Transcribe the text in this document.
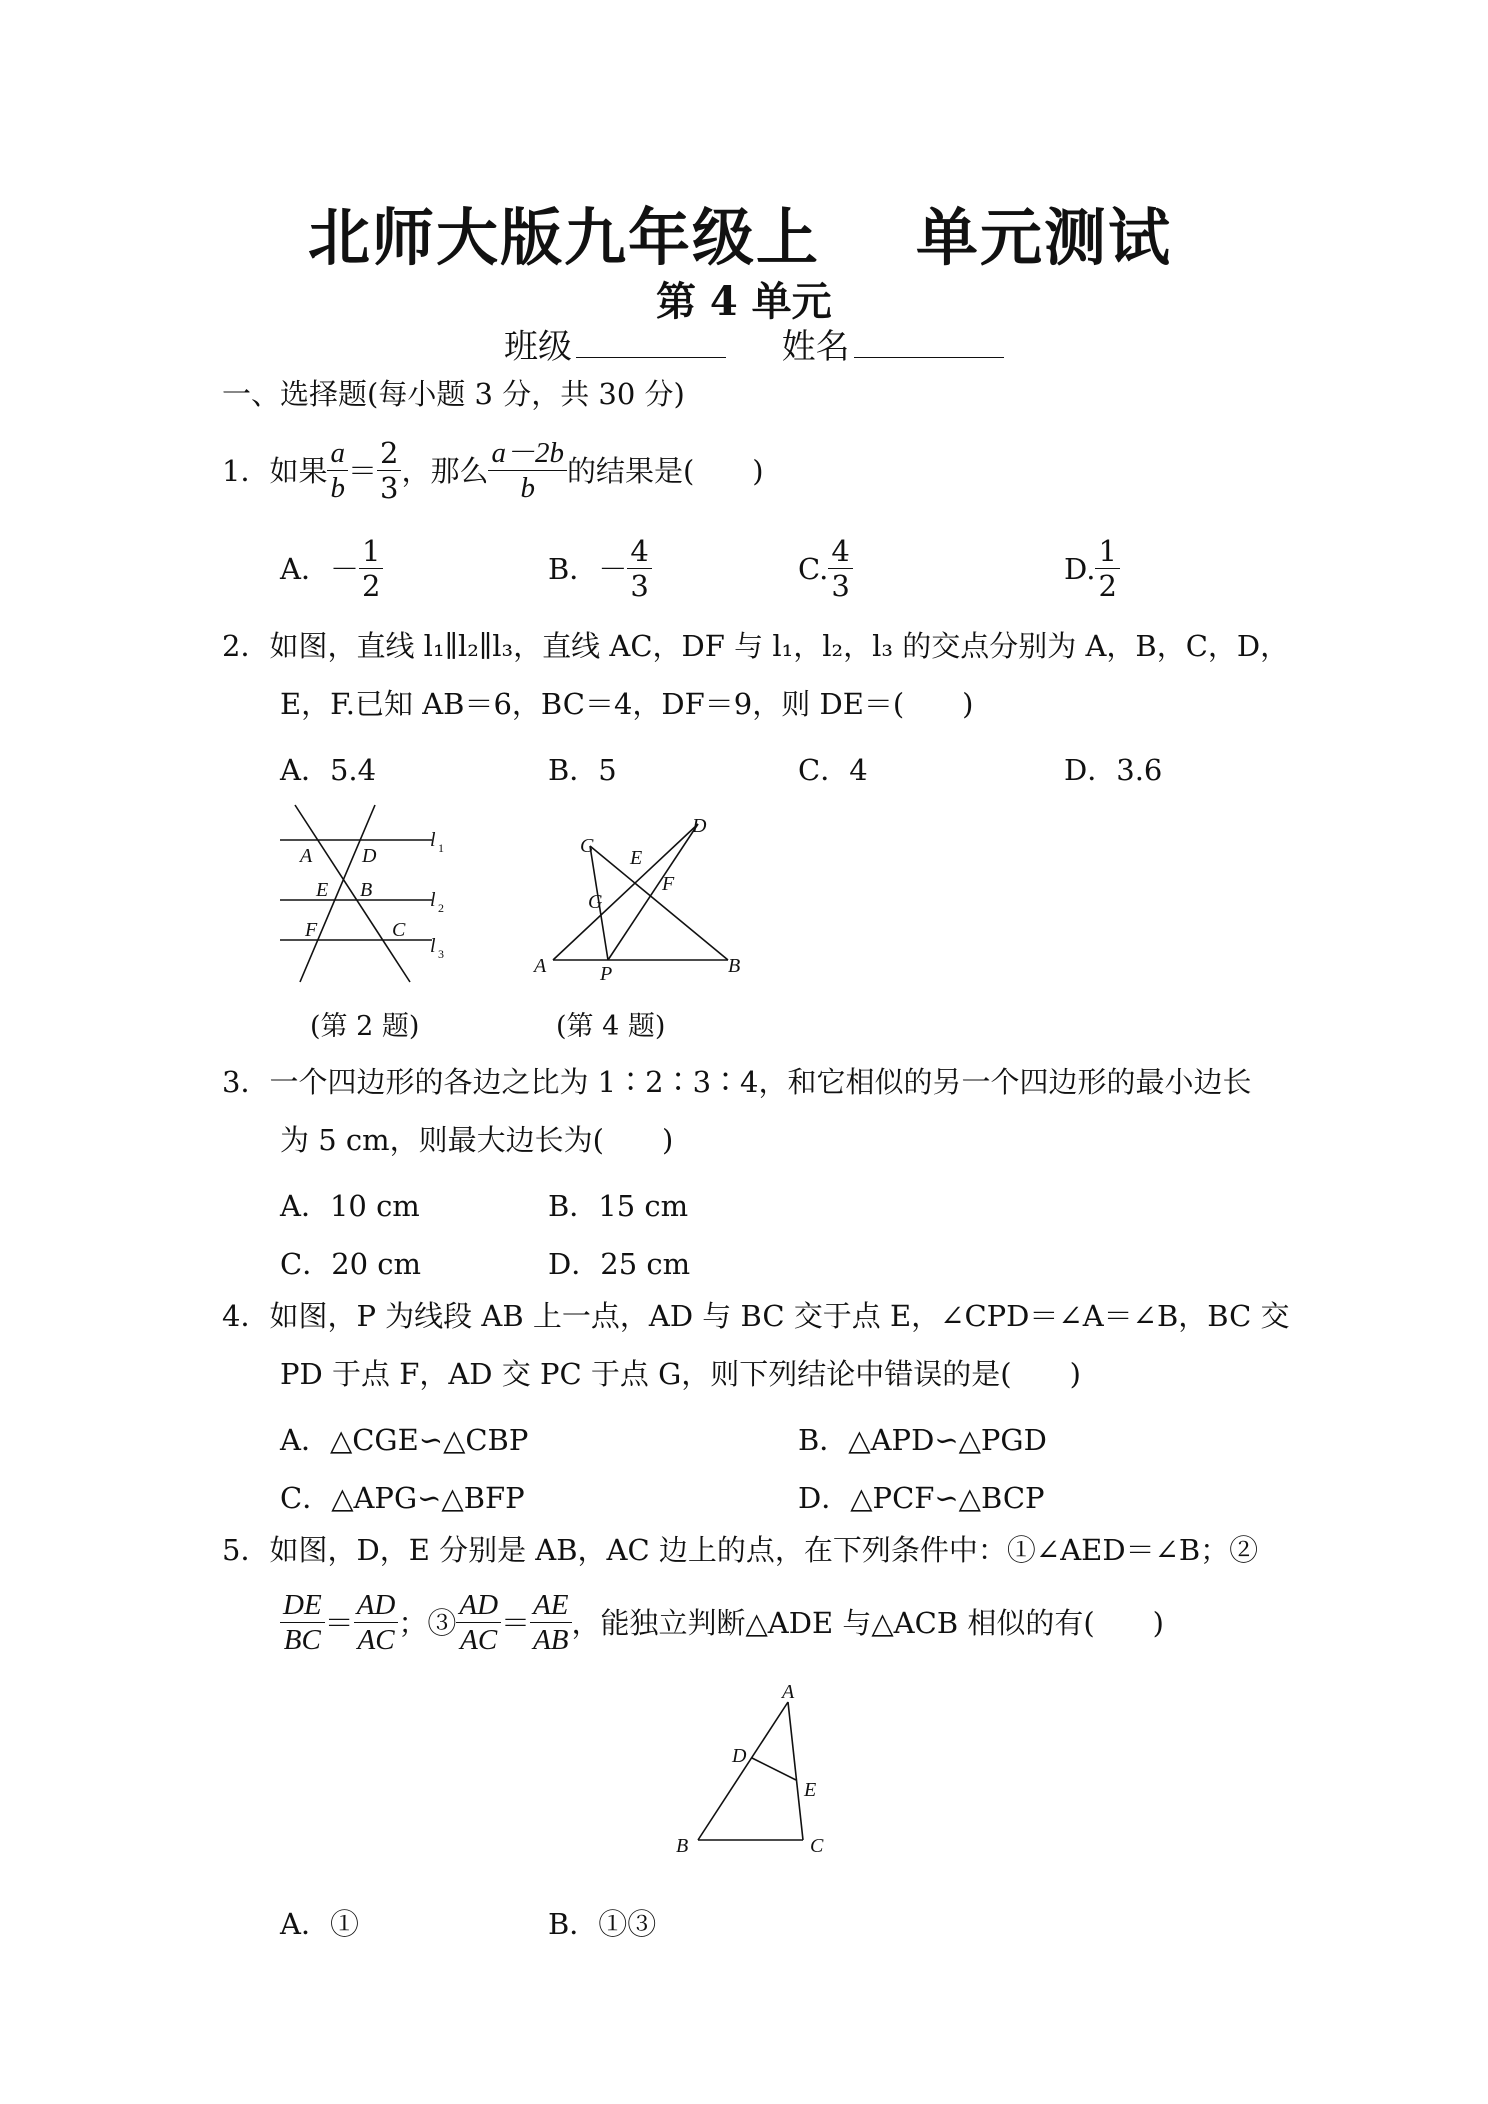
北师大版九年级上 单元测试
第 4 单元
班级	姓名
一、选择题(每小题 3 分，共 30 分)
1．如果 $\frac{a}{b} = \frac{2}{3}$ ，那么 $\frac{a-2b}{b}$ 的结果是(　　)
A．－ $\frac{1}{2}$	B．－ $\frac{4}{3}$	C. $\frac{4}{3}$	D. $\frac{1}{2}$
2．如图，直线 l₁∥l₂∥l₃，直线 AC，DF 与 l₁，l₂，l₃ 的交点分别为 A，B，C，D，
E，F.已知 AB＝6，BC＝4，DF＝9，则 DE＝(　　)
A．5.4	B．5	C．4	D．3.6
A D
E B
F	C
l 1
l 2
l 3
(第 2 题)
C
D
E
F
G
A	P	B
(第 4 题)
3．一个四边形的各边之比为 1∶2∶3∶4，和它相似的另一个四边形的最小边长
为 5 cm，则最大边长为(　　)
A．10 cm	B．15 cm
C．20 cm	D．25 cm
4．如图，P 为线段 AB 上一点，AD 与 BC 交于点 E，∠CPD＝∠A＝∠B，BC 交
PD 于点 F，AD 交 PC 于点 G，则下列结论中错误的是(　　)
A．△CGE∽△CBP	B．△APD∽△PGD
C．△APG∽△BFP	D．△PCF∽△BCP
5．如图，D，E 分别是 AB，AC 边上的点，在下列条件中：①∠AED＝∠B；②
$\frac{DE}{BC} = \frac{AD}{AC}$ ；③ $\frac{AD}{AC} = \frac{AE}{AB}$ ，能独立判断△ADE 与△ACB 相似的有(　　)
A
D
E
B	C
A．①	B．①③
